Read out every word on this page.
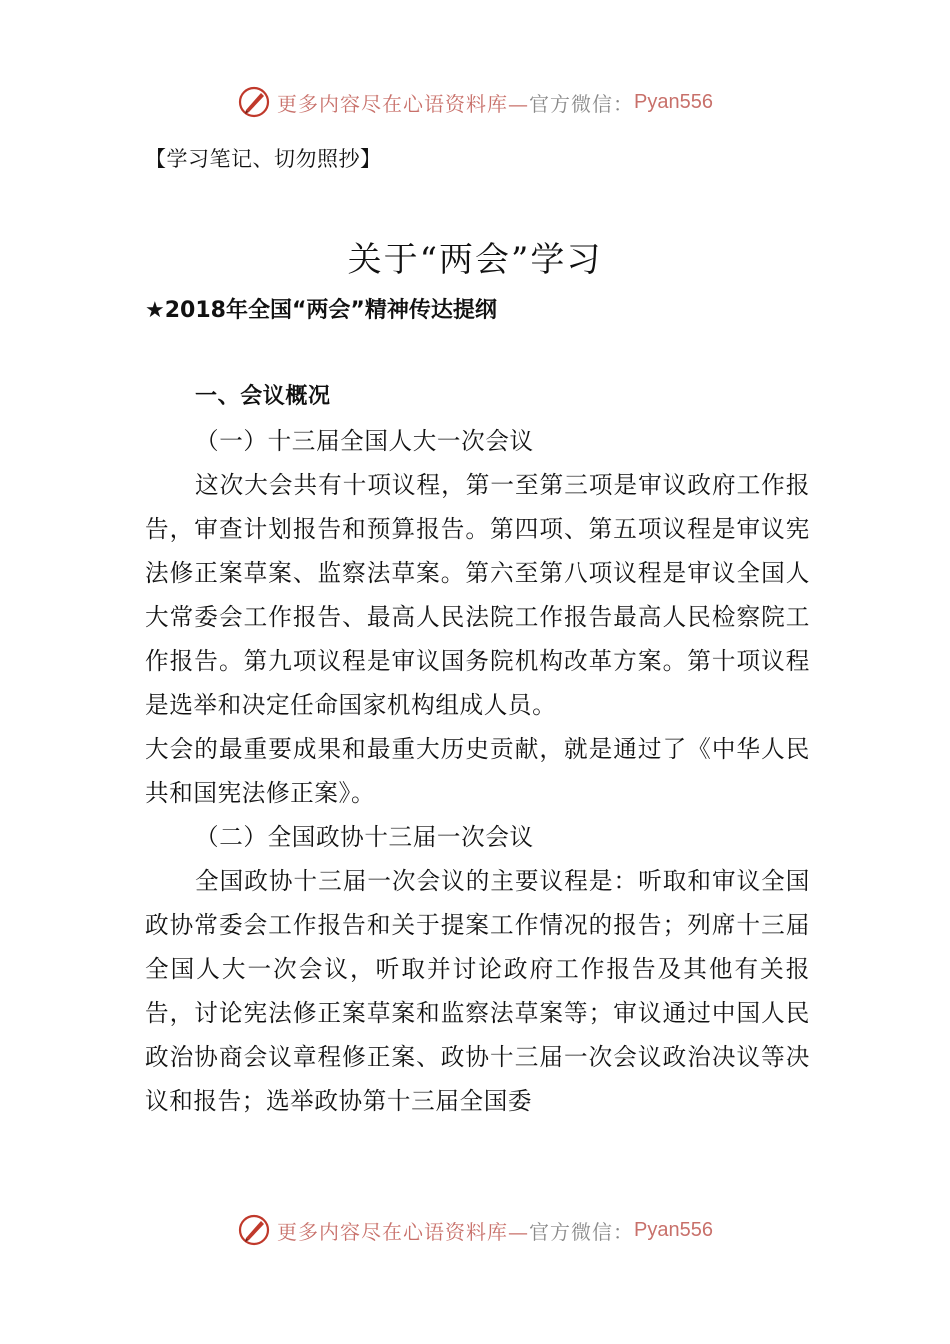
更多内容尽在心语资料库— 官方微信： Pyan556
【学习笔记、切勿照抄】
关于“两会”学习
★2018年全国“两会”精神传达提纲

一、会议概况

（一）十三届全国人大一次会议

这次大会共有十项议程，第一至第三项是审议政府工作报告，审查计划报告和预算报告。第四项、第五项议程是审议宪法修正案草案、监察法草案。第六至第八项议程是审议全国人大常委会工作报告、最高人民法院工作报告最高人民检察院工作报告。第九项议程是审议国务院机构改革方案。第十项议程是选举和决定任命国家机构组成人员。

大会的最重要成果和最重大历史贡献，就是通过了《中华人民共和国宪法修正案》。

（二）全国政协十三届一次会议

全国政协十三届一次会议的主要议程是：听取和审议全国政协常委会工作报告和关于提案工作情况的报告；列席十三届全国人大一次会议，听取并讨论政府工作报告及其他有关报告，讨论宪法修正案草案和监察法草案等；审议通过中国人民政治协商会议章程修正案、政协十三届一次会议政治决议等决议和报告；选举政协第十三届全国委

更多内容尽在心语资料库— 官方微信： Pyan556
